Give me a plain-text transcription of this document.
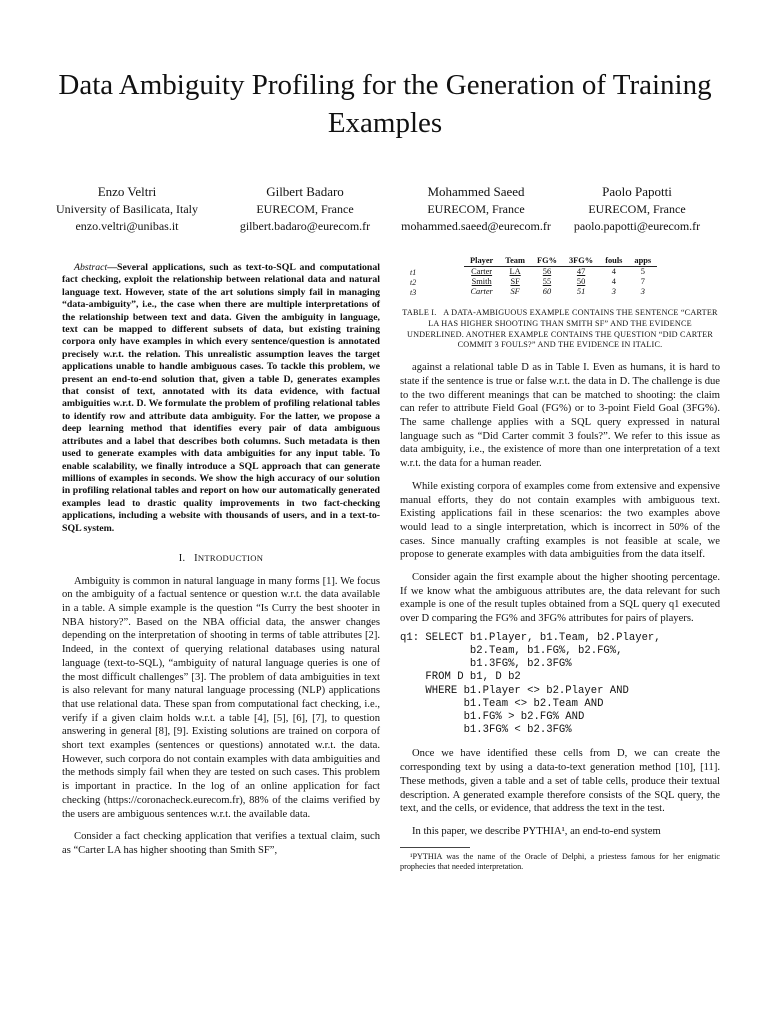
Data Ambiguity Profiling for the Generation of Training Examples
Enzo Veltri
University of Basilicata, Italy
enzo.veltri@unibas.it
Gilbert Badaro
EURECOM, France
gilbert.badaro@eurecom.fr
Mohammed Saeed
EURECOM, France
mohammed.saeed@eurecom.fr
Paolo Papotti
EURECOM, France
paolo.papotti@eurecom.fr
Abstract—Several applications, such as text-to-SQL and computational fact checking, exploit the relationship between relational data and natural language text. However, state of the art solutions simply fail in managing “data-ambiguity”, i.e., the case when there are multiple interpretations of the relationship between text and data. Given the ambiguity in language, text can be mapped to different subsets of data, but existing training corpora only have examples in which every sentence/question is annotated precisely w.r.t. the relation. This unrealistic assumption leaves the target applications unable to handle ambiguous cases. To tackle this problem, we present an end-to-end solution that, given a table D, generates examples that consist of text, annotated with its data evidence, with factual ambiguities w.r.t. D. We formulate the problem of profiling relational tables to identify row and attribute data ambiguity. For the latter, we propose a deep learning method that identifies every pair of data ambiguous attributes and a label that describes both columns. Such metadata is then used to generate examples with data ambiguities for any input table. To enable scalability, we finally introduce a SQL approach that can generate millions of examples in seconds. We show the high accuracy of our solution in profiling relational tables and report on how our automatically generated examples lead to drastic quality improvements in two fact-checking applications, including a website with thousands of users, and in a text-to-SQL system.
I. INTRODUCTION

Ambiguity is common in natural language in many forms [1]. We focus on the ambiguity of a factual sentence or question w.r.t. the data available in a table. A simple example is the question “Is Curry the best shooter in NBA history?”. Based on the NBA official data, the answer changes depending on the interpretation of shooting in terms of table attributes [2]. Indeed, in the context of querying relational databases using natural language (text-to-SQL), “ambiguity of natural language queries is one of the most difficult challenges” [3]. The problem of data ambiguities in text is also relevant for many natural language processing (NLP) applications that use relational data. These span from computational fact checking, i.e., verify if a given claim holds w.r.t. a table [4], [5], [6], [7], to question answering in general [8], [9]. Existing solutions are trained on corpora of short text examples (sentences or questions) annotated w.r.t. the data. However, such corpora do not contain examples with data ambiguities and the methods simply fail when they are tested on such cases. This problem is important in practice. In the log of an online application for fact checking (https://coronacheck.eurecom.fr), 88% of the claims verified by the users are ambiguous sentences w.r.t. the available data.

Consider a fact checking application that verifies a textual claim, such as “Carter LA has higher shooting than Smith SF”,

t1
t2
t3
Player	Team	FG%	3FG%	fouls	apps
Carter	LA	56	47	4	5
Smith	SF	55	50	4	7
Carter	SF	60	51	3	3
TABLE I. A DATA-AMBIGUOUS EXAMPLE CONTAINS THE SENTENCE “CARTER LA HAS HIGHER SHOOTING THAN SMITH SF” AND THE EVIDENCE UNDERLINED. ANOTHER EXAMPLE CONTAINS THE QUESTION “DID CARTER COMMIT 3 FOULS?” AND THE EVIDENCE IN ITALIC.

against a relational table D as in Table I. Even as humans, it is hard to state if the sentence is true or false w.r.t. the data in D. The challenge is due to the two different meanings that can be matched to shooting: the claim can refer to attribute Field Goal (FG%) or to 3-point Field Goal (3FG%). The same challenge applies with a SQL query expressed in natural language such as “Did Carter commit 3 fouls?”. We refer to this issue as data ambiguity, i.e., the existence of more than one interpretation of a text w.r.t. the data for a human reader.

While existing corpora of examples come from extensive and expensive manual efforts, they do not contain examples with ambiguous text. Existing applications fail in these scenarios: the two examples above would lead to a single interpretation, which is incorrect in 50% of the cases. Since manually crafting examples is not feasible at scale, we propose to generate examples with data ambiguities from the data itself.

Consider again the first example about the higher shooting percentage. If we know what the ambiguous attributes are, the data relevant for such example is one of the result tuples obtained from a SQL query q1 executed over D comparing the FG% and 3FG% attributes for pairs of players.

q1: SELECT b1.Player, b1.Team, b2.Player,
b2.Team, b1.FG%, b2.FG%,
b1.3FG%, b2.3FG%
FROM D b1, D b2
WHERE b1.Player <> b2.Player AND
b1.Team <> b2.Team AND
b1.FG% > b2.FG% AND
b1.3FG% < b2.3FG%

Once we have identified these cells from D, we can create the corresponding text by using a data-to-text generation method [10], [11]. These methods, given a table and a set of table cells, produce their textual description. A generated example therefore consists of the SQL query, the text, and the cells, or evidence, that address the text in the test.

In this paper, we describe PYTHIA¹, an end-to-end system

¹PYTHIA was the name of the Oracle of Delphi, a priestess famous for her enigmatic prophecies that needed interpretation.
